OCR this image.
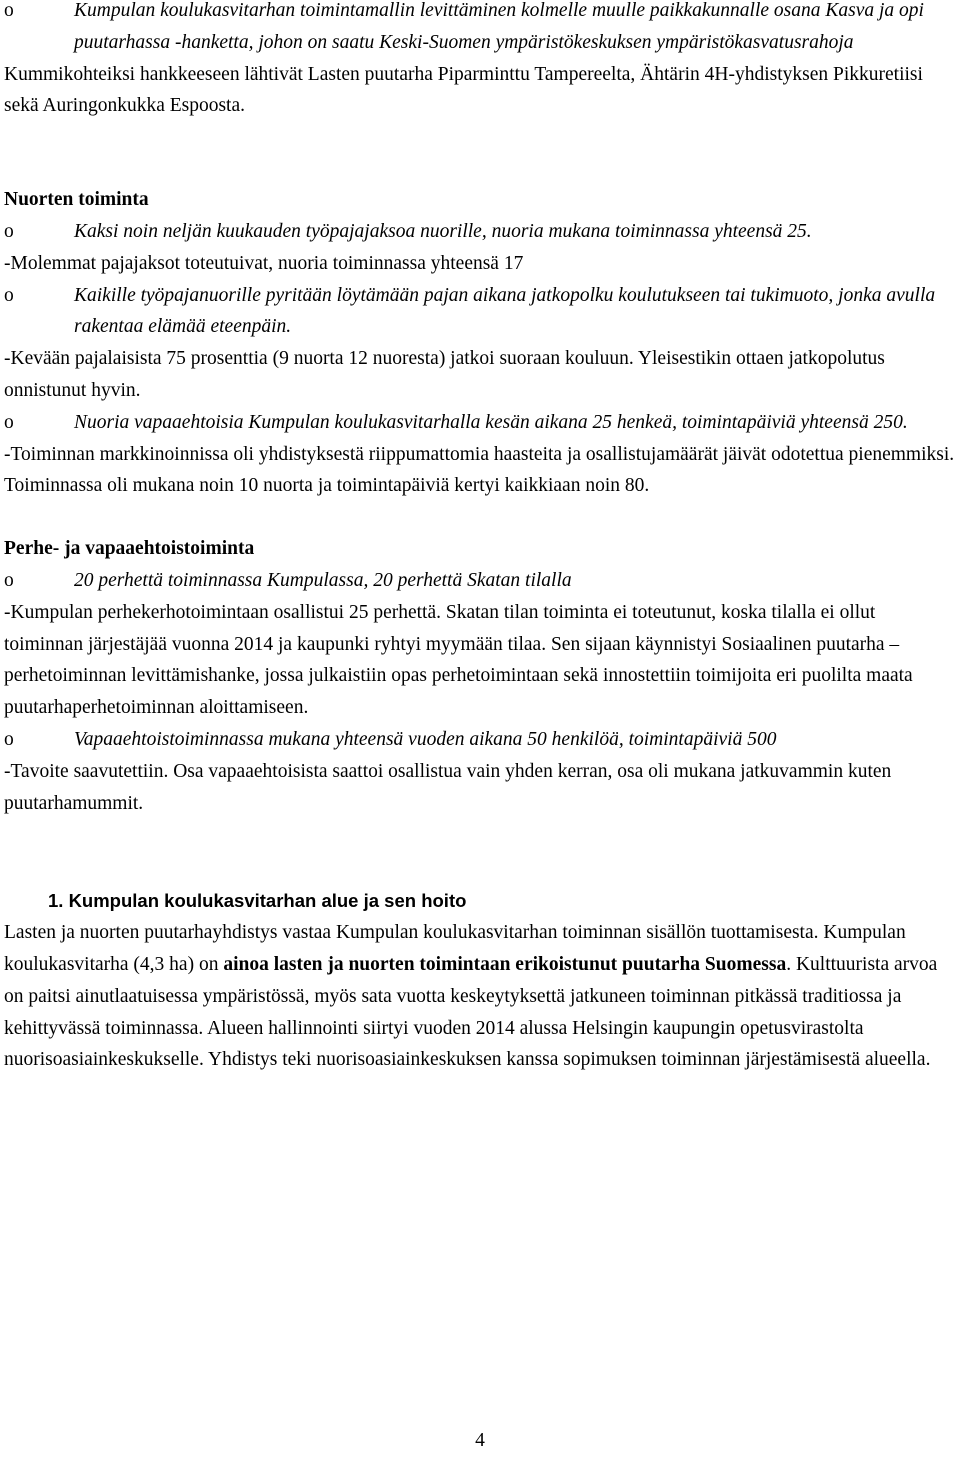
o	Kumpulan koulukasvitarhan toimintamallin levittäminen kolmelle muulle paikkakunnalle osana Kasva ja opi puutarhassa -hanketta, johon on saatu Keski-Suomen ympäristökeskuksen ympäristökasvatusrahoja

Kummikohteiksi hankkeeseen lähtivät Lasten puutarha Piparminttu Tampereelta, Ähtärin 4H-yhdistyksen Pikkuretiisi sekä Auringonkukka Espoosta.

Nuorten toiminta

o	Kaksi noin neljän kuukauden työpajajaksoa nuorille, nuoria mukana toiminnassa yhteensä 25.

-Molemmat pajajaksot toteutuivat, nuoria toiminnassa yhteensä 17

o	Kaikille työpajanuorille pyritään löytämään pajan aikana jatkopolku koulutukseen tai tukimuoto, jonka avulla rakentaa elämää eteenpäin.

-Kevään pajalaisista 75 prosenttia (9 nuorta 12 nuoresta) jatkoi suoraan kouluun. Yleisestikin ottaen jatkopolutus onnistunut hyvin.

o	Nuoria vapaaehtoisia Kumpulan koulukasvitarhalla kesän aikana 25 henkeä, toimintapäiviä yhteensä 250.

-Toiminnan markkinoinnissa oli yhdistyksestä riippumattomia haasteita ja osallistujamäärät jäivät odotettua pienemmiksi. Toiminnassa oli mukana noin 10 nuorta ja toimintapäiviä kertyi kaikkiaan noin 80.

Perhe- ja vapaaehtoistoiminta

o	20 perhettä toiminnassa Kumpulassa, 20 perhettä Skatan tilalla

-Kumpulan perhekerhotoimintaan osallistui 25 perhettä. Skatan tilan toiminta ei toteutunut, koska tilalla ei ollut toiminnan järjestäjää vuonna 2014 ja kaupunki ryhtyi myymään tilaa. Sen sijaan käynnistyi Sosiaalinen puutarha – perhetoiminnan levittämishanke, jossa julkaistiin opas perhetoimintaan sekä innostettiin toimijoita eri puolilta maata puutarhaperhetoiminnan aloittamiseen.

o	Vapaaehtoistoiminnassa mukana yhteensä vuoden aikana 50 henkilöä, toimintapäiviä 500

-Tavoite saavutettiin. Osa vapaaehtoisista saattoi osallistua vain yhden kerran, osa oli mukana jatkuvammin kuten puutarhamummit.

1. Kumpulan koulukasvitarhan alue ja sen hoito

Lasten ja nuorten puutarhayhdistys vastaa Kumpulan koulukasvitarhan toiminnan sisällön tuottamisesta. Kumpulan koulukasvitarha (4,3 ha) on ainoa lasten ja nuorten toimintaan erikoistunut puutarha Suomessa. Kulttuurista arvoa on paitsi ainutlaatuisessa ympäristössä, myös sata vuotta keskeytyksettä jatkuneen toiminnan pitkässä traditiossa ja kehittyvässä toiminnassa. Alueen hallinnointi siirtyi vuoden 2014 alussa Helsingin kaupungin opetusvirastolta nuorisoasiainkeskukselle. Yhdistys teki nuorisoasiainkeskuksen kanssa sopimuksen toiminnan järjestämisestä alueella.

4
